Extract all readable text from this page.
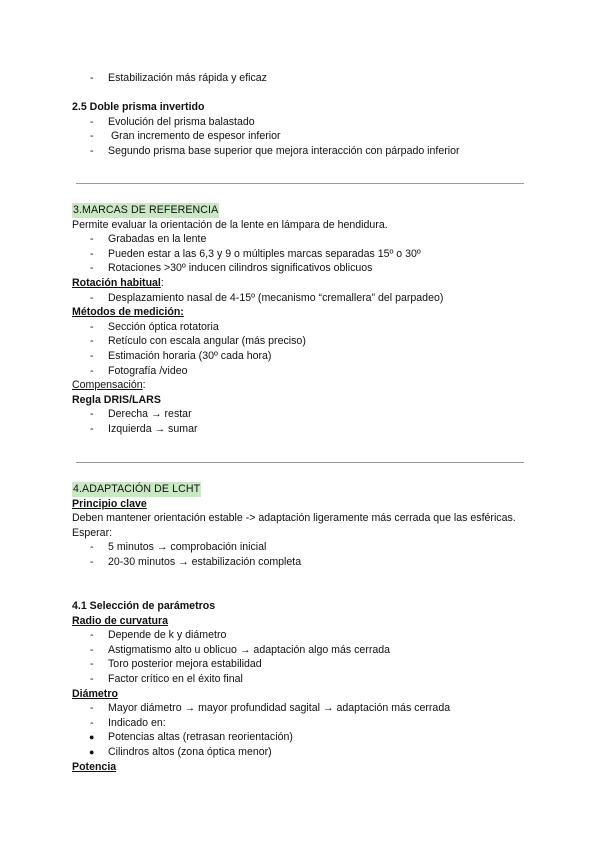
- Estabilización más rápida y eficaz
2.5 Doble prisma invertido
- Evolución del prisma balastado
- Gran incremento de espesor inferior
- Segundo prisma base superior que mejora interacción con párpado inferior
3.MARCAS DE REFERENCIA
Permite evaluar la orientación de la lente en lámpara de hendidura.
- Grabadas en la lente
- Pueden estar a las 6,3 y 9 o múltiples marcas separadas 15º o 30º
- Rotaciones >30º inducen cilindros significativos oblicuos
Rotación habitual:
- Desplazamiento nasal de 4-15º (mecanismo “cremallera” del parpadeo)
Métodos de medición:
- Sección óptica rotatoria
- Retículo con escala angular (más preciso)
- Estimación horaria (30º cada hora)
- Fotografía /video
Compensación:
Regla DRIS/LARS
- Derecha → restar
- Izquierda → sumar
4.ADAPTACIÓN DE LCHT
Principio clave
Deben mantener orientación estable -> adaptación ligeramente más cerrada que las esféricas.
Esperar:
- 5 minutos → comprobación inicial
- 20-30 minutos → estabilización completa
4.1 Selección de parámetros
Radio de curvatura
- Depende de k y diámetro
- Astigmatismo alto u oblicuo → adaptación algo más cerrada
- Toro posterior mejora estabilidad
- Factor crítico en el éxito final
Diámetro
- Mayor diámetro → mayor profundidad sagital → adaptación más cerrada
- Indicado en:
● Potencias altas (retrasan reorientación)
● Cilindros altos (zona óptica menor)
Potencia
